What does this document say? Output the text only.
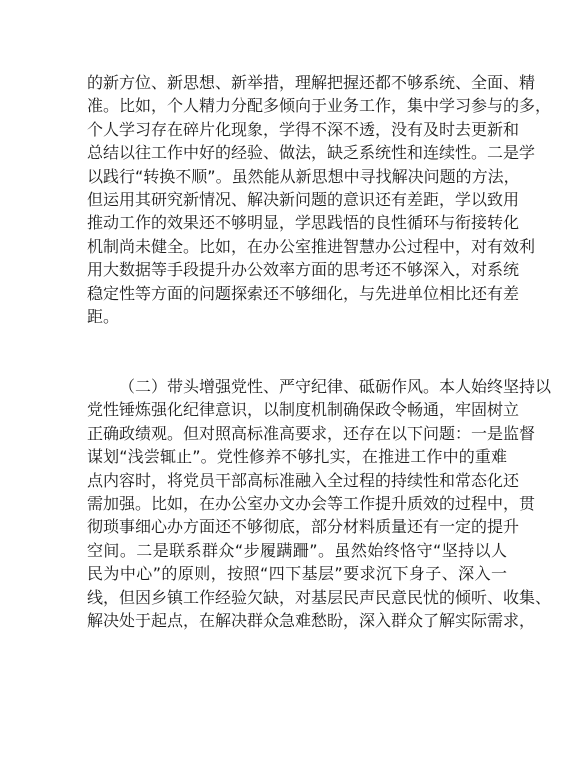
的新方位、新思想、新举措，理解把握还都不够系统、全面、精
准。比如，个人精力分配多倾向于业务工作，集中学习参与的多，
个人学习存在碎片化现象，学得不深不透，没有及时去更新和
总结以往工作中好的经验、做法，缺乏系统性和连续性。二是学
以践行“转换不顺”。虽然能从新思想中寻找解决问题的方法，
但运用其研究新情况、解决新问题的意识还有差距，学以致用
推动工作的效果还不够明显，学思践悟的良性循环与衔接转化
机制尚未健全。比如，在办公室推进智慧办公过程中，对有效利
用大数据等手段提升办公效率方面的思考还不够深入，对系统
稳定性等方面的问题探索还不够细化，与先进单位相比还有差
距。
（二）带头增强党性、严守纪律、砥砺作风。本人始终坚持以
党性锤炼强化纪律意识，以制度机制确保政令畅通，牢固树立
正确政绩观。但对照高标准高要求，还存在以下问题：一是监督
谋划“浅尝辄止”。党性修养不够扎实，在推进工作中的重难
点内容时，将党员干部高标准融入全过程的持续性和常态化还
需加强。比如，在办公室办文办会等工作提升质效的过程中，贯
彻琐事细心办方面还不够彻底，部分材料质量还有一定的提升
空间。二是联系群众“步履蹒跚”。虽然始终恪守“坚持以人
民为中心”的原则，按照“四下基层”要求沉下身子、深入一
线，但因乡镇工作经验欠缺，对基层民声民意民忧的倾听、收集、
解决处于起点，在解决群众急难愁盼，深入群众了解实际需求，
